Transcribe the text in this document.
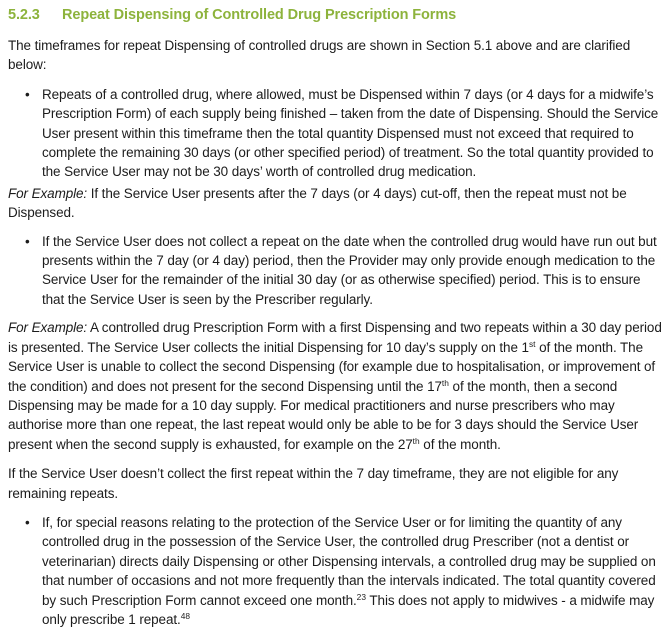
5.2.3 Repeat Dispensing of Controlled Drug Prescription Forms

The timeframes for repeat Dispensing of controlled drugs are shown in Section 5.1 above and are clarified below:

• Repeats of a controlled drug, where allowed, must be Dispensed within 7 days (or 4 days for a midwife’s Prescription Form) of each supply being finished – taken from the date of Dispensing. Should the Service User present within this timeframe then the total quantity Dispensed must not exceed that required to complete the remaining 30 days (or other specified period) of treatment. So the total quantity provided to the Service User may not be 30 days’ worth of controlled drug medication.

For Example: If the Service User presents after the 7 days (or 4 days) cut-off, then the repeat must not be Dispensed.

• If the Service User does not collect a repeat on the date when the controlled drug would have run out but presents within the 7 day (or 4 day) period, then the Provider may only provide enough medication to the Service User for the remainder of the initial 30 day (or as otherwise specified) period. This is to ensure that the Service User is seen by the Prescriber regularly.

For Example: A controlled drug Prescription Form with a first Dispensing and two repeats within a 30 day period is presented. The Service User collects the initial Dispensing for 10 day’s supply on the 1st of the month. The Service User is unable to collect the second Dispensing (for example due to hospitalisation, or improvement of the condition) and does not present for the second Dispensing until the 17th of the month, then a second Dispensing may be made for a 10 day supply. For medical practitioners and nurse prescribers who may authorise more than one repeat, the last repeat would only be able to be for 3 days should the Service User present when the second supply is exhausted, for example on the 27th of the month.

If the Service User doesn’t collect the first repeat within the 7 day timeframe, they are not eligible for any remaining repeats.

• If, for special reasons relating to the protection of the Service User or for limiting the quantity of any controlled drug in the possession of the Service User, the controlled drug Prescriber (not a dentist or veterinarian) directs daily Dispensing or other Dispensing intervals, a controlled drug may be supplied on that number of occasions and not more frequently than the intervals indicated. The total quantity covered by such Prescription Form cannot exceed one month.$^{23}$ This does not apply to midwives - a midwife may only prescribe 1 repeat.$^{48}$
